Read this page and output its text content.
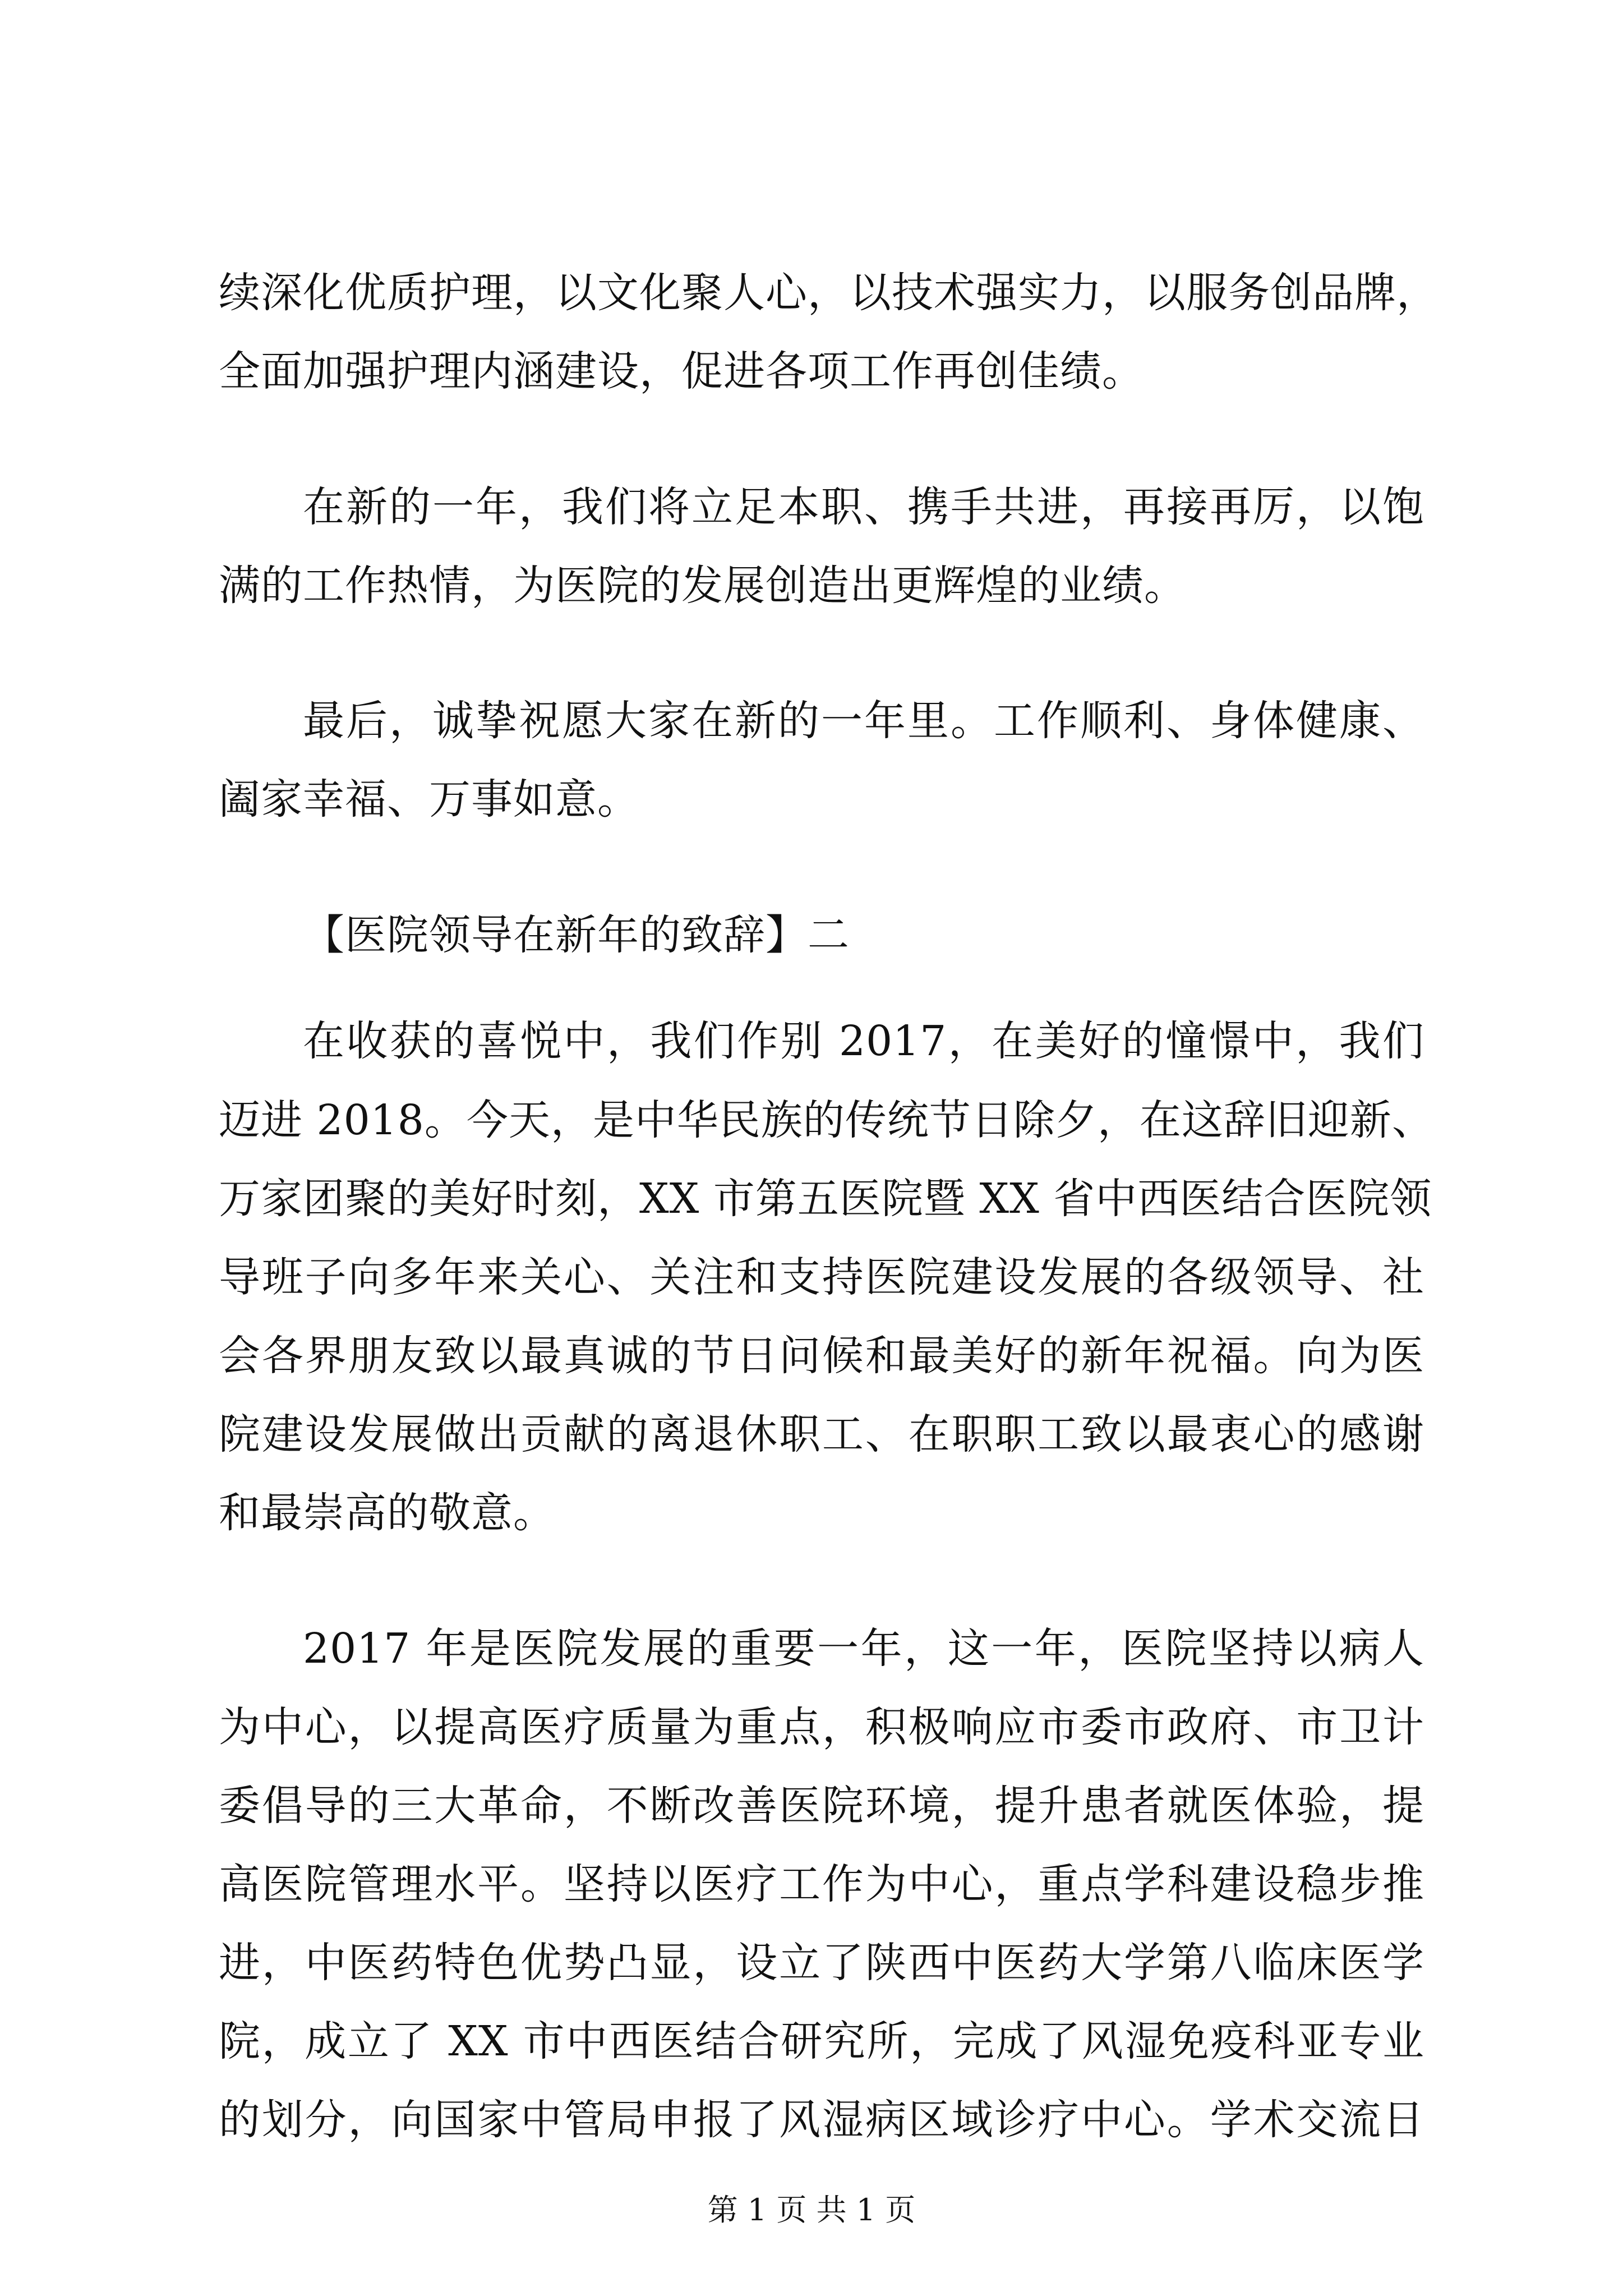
续深化优质护理，以文化聚人心，以技术强实力，以服务创品牌，
全面加强护理内涵建设，促进各项工作再创佳绩。
在新的一年，我们将立足本职、携手共进，再接再厉，以饱
满的工作热情，为医院的发展创造出更辉煌的业绩。
最后，诚挚祝愿大家在新的一年里。工作顺利、身体健康、
阖家幸福、万事如意。
【医院领导在新年的致辞】二
在收获的喜悦中，我们作别 2017，在美好的憧憬中，我们
迈进 2018。今天，是中华民族的传统节日除夕，在这辞旧迎新、
万家团聚的美好时刻，XX 市第五医院暨 XX 省中西医结合医院领
导班子向多年来关心、关注和支持医院建设发展的各级领导、社
会各界朋友致以最真诚的节日问候和最美好的新年祝福。向为医
院建设发展做出贡献的离退休职工、在职职工致以最衷心的感谢
和最崇高的敬意。
2017 年是医院发展的重要一年，这一年，医院坚持以病人
为中心，以提高医疗质量为重点，积极响应市委市政府、市卫计
委倡导的三大革命，不断改善医院环境，提升患者就医体验，提
高医院管理水平。坚持以医疗工作为中心，重点学科建设稳步推
进，中医药特色优势凸显，设立了陕西中医药大学第八临床医学
院，成立了 XX 市中西医结合研究所，完成了风湿免疫科亚专业
的划分，向国家中管局申报了风湿病区域诊疗中心。学术交流日
第 1 页 共 1 页
